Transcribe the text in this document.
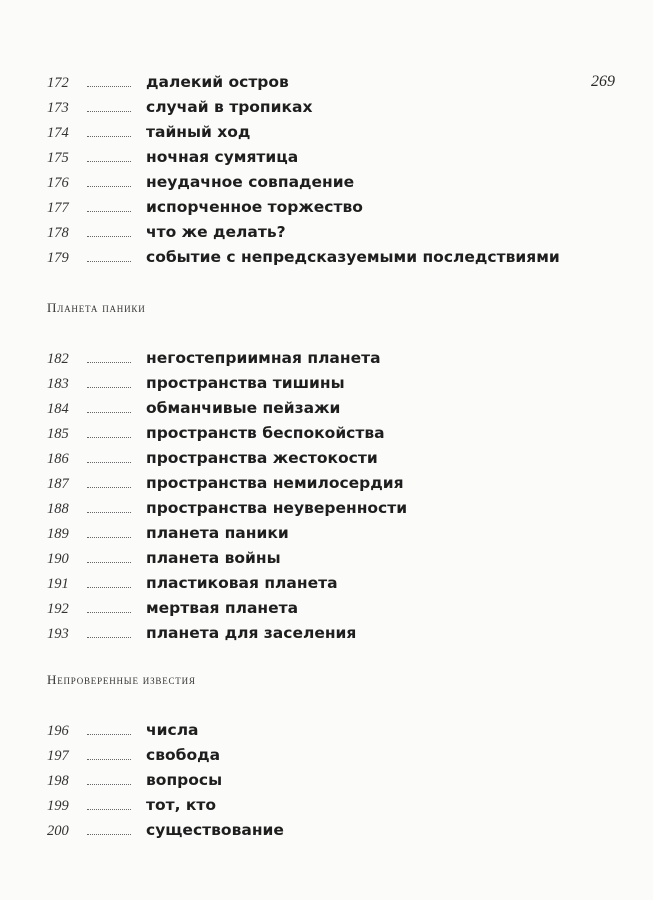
269
172	далекий остров
173	случай в тропиках
174	тайный ход
175	ночная сумятица
176	неудачное совпадение
177	испорченное торжество
178	что же делать?
179	событие с непредсказуемыми последствиями
Планета паники
182	негостеприимная планета
183	пространства тишины
184	обманчивые пейзажи
185	пространств беспокойства
186	пространства жестокости
187	пространства немилосердия
188	пространства неуверенности
189	планета паники
190	планета войны
191	пластиковая планета
192	мертвая планета
193	планета для заселения
Непроверенные известия
196	числа
197	свобода
198	вопросы
199	тот, кто
200	существование
